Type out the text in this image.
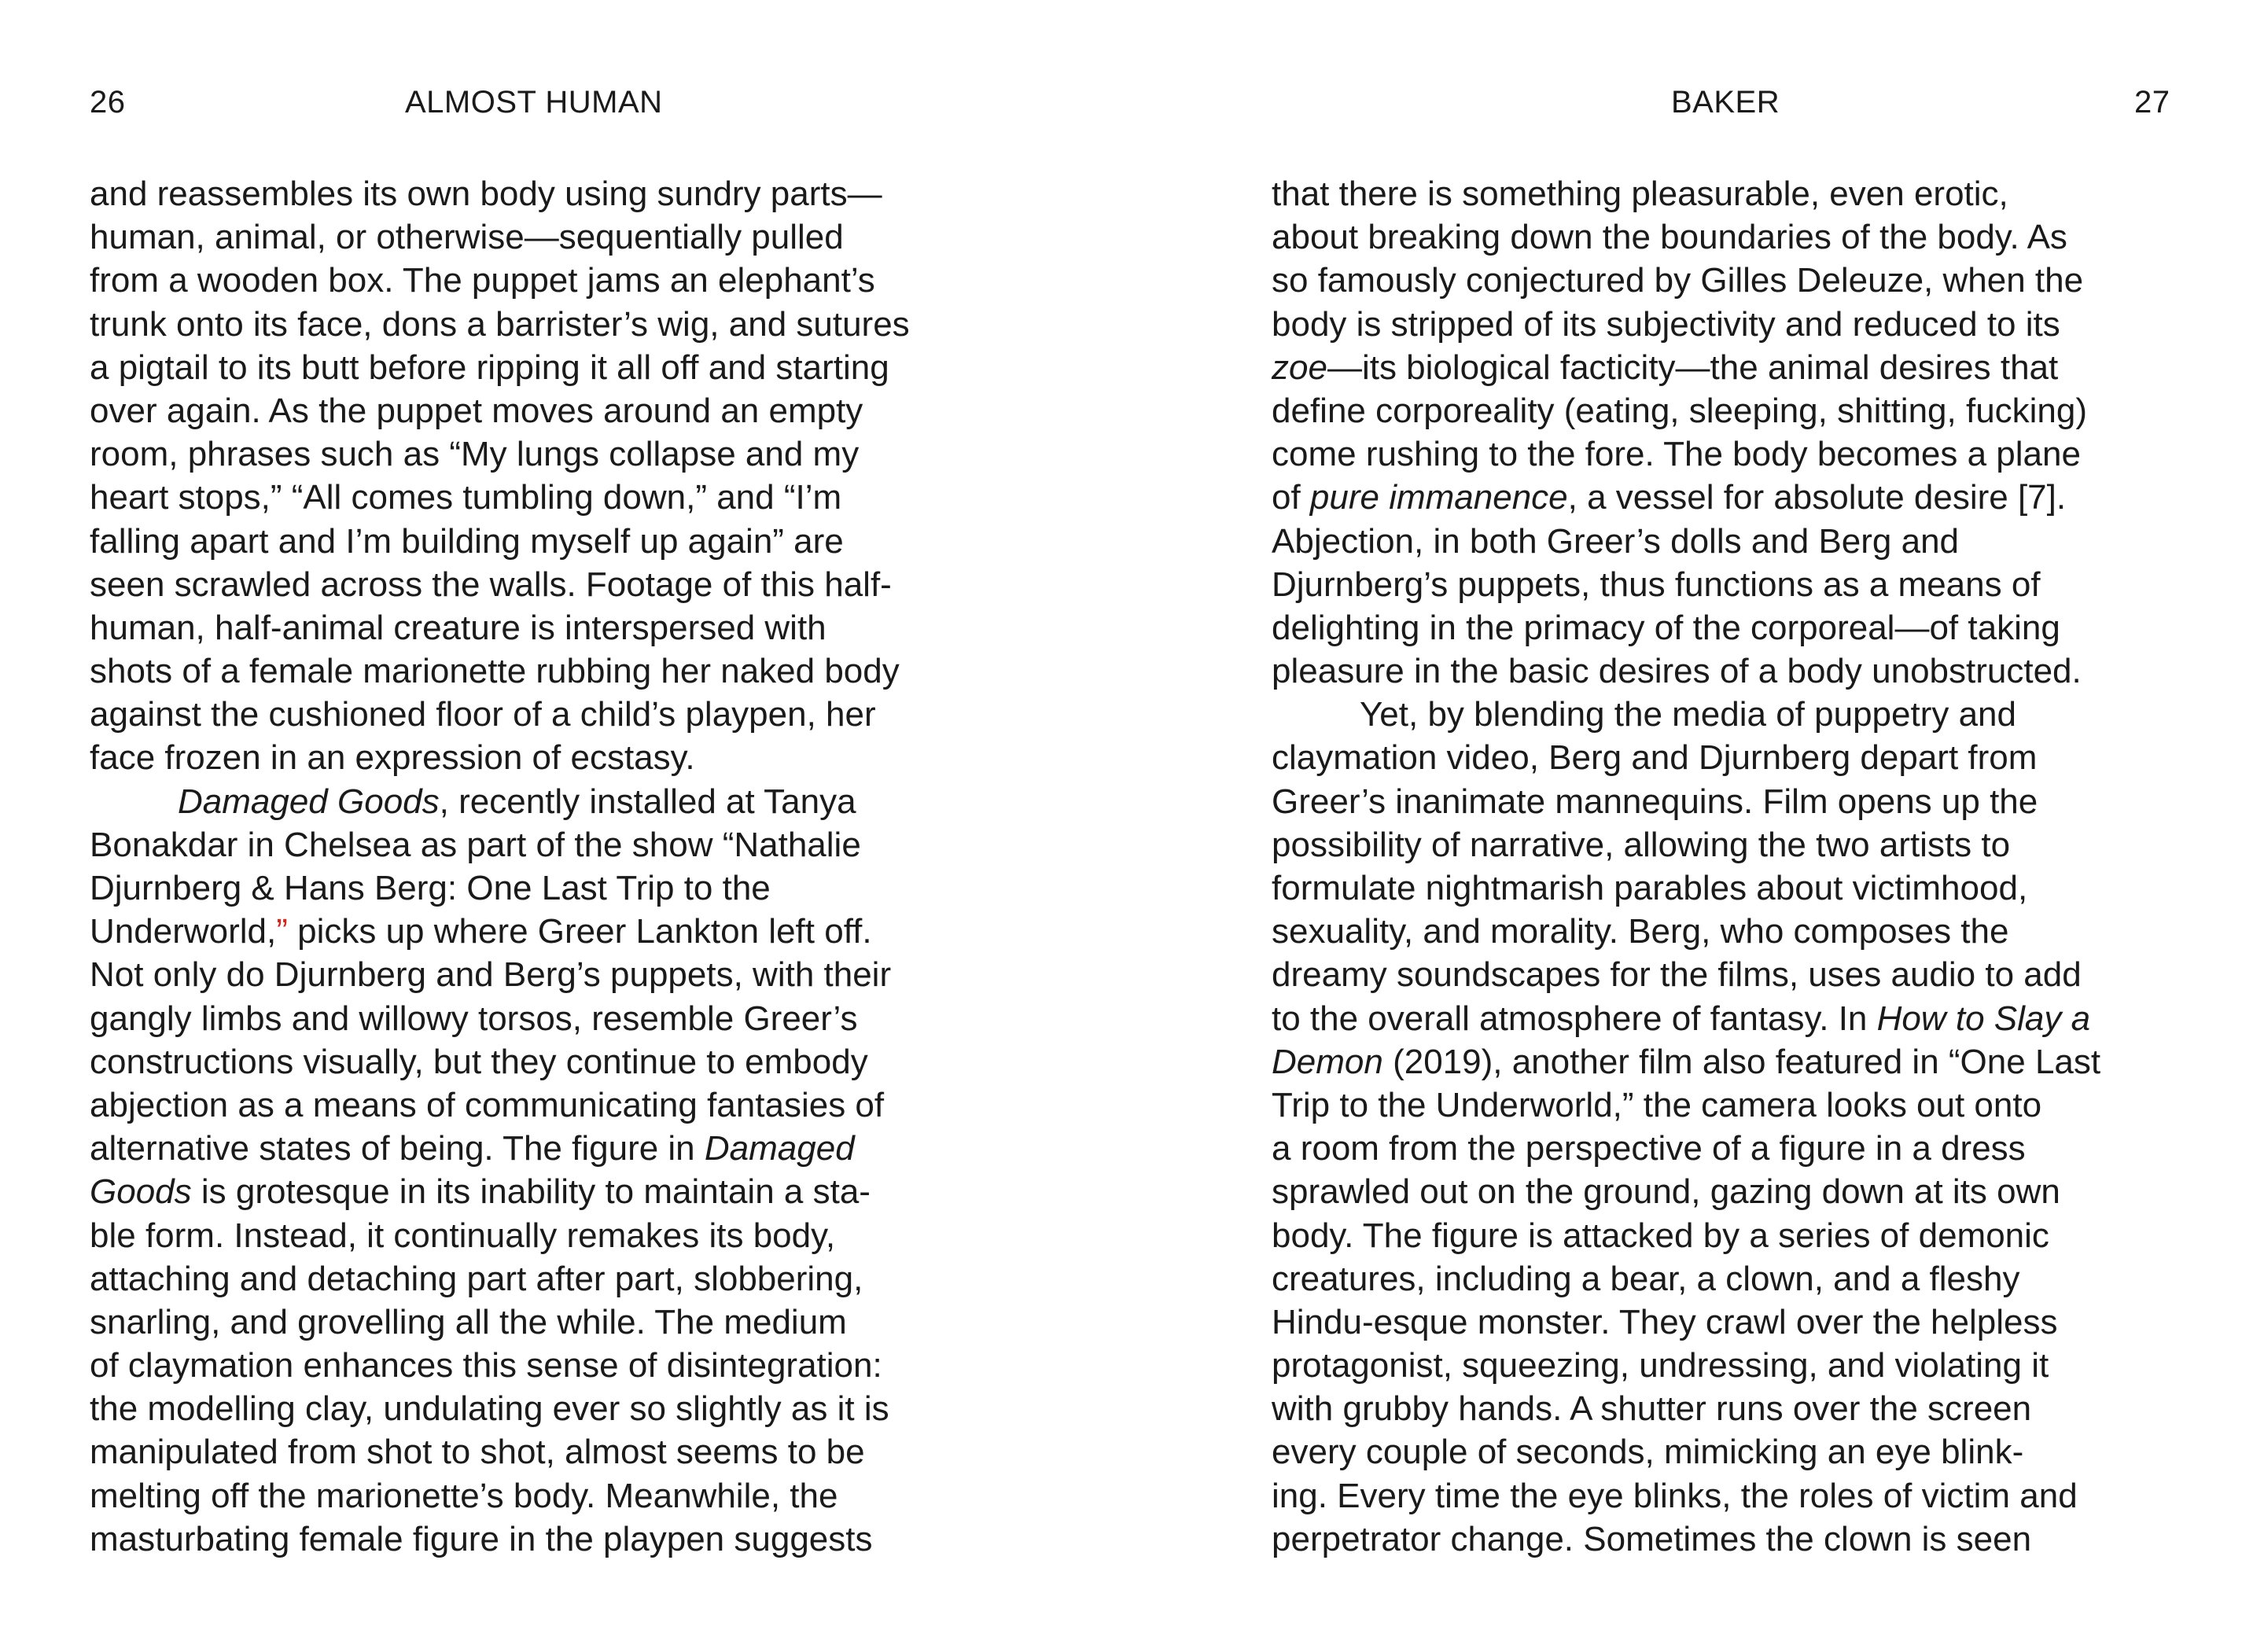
26	ALMOST HUMAN
and reassembles its own body using sundry parts—
human, animal, or otherwise—sequentially pulled
from a wooden box. The puppet jams an elephant’s
trunk onto its face, dons a barrister’s wig, and sutures
a pigtail to its butt before ripping it all off and starting
over again. As the puppet moves around an empty
room, phrases such as “My lungs collapse and my
heart stops,” “All comes tumbling down,” and “I’m
falling apart and I’m building myself up again” are
seen scrawled across the walls. Footage of this half-
human, half-animal creature is interspersed with
shots of a female marionette rubbing her naked body
against the cushioned floor of a child’s playpen, her
face frozen in an expression of ecstasy.
Damaged Goods, recently installed at Tanya
Bonakdar in Chelsea as part of the show “Nathalie
Djurnberg & Hans Berg: One Last Trip to the
Underworld,” picks up where Greer Lankton left off.
Not only do Djurnberg and Berg’s puppets, with their
gangly limbs and willowy torsos, resemble Greer’s
constructions visually, but they continue to embody
abjection as a means of communicating fantasies of
alternative states of being. The figure in Damaged
Goods is grotesque in its inability to maintain a sta-
ble form. Instead, it continually remakes its body,
attaching and detaching part after part, slobbering,
snarling, and grovelling all the while. The medium
of claymation enhances this sense of disintegration:
the modelling clay, undulating ever so slightly as it is
manipulated from shot to shot, almost seems to be
melting off the marionette’s body. Meanwhile, the
masturbating female figure in the playpen suggests
BAKER	27
that there is something pleasurable, even erotic,
about breaking down the boundaries of the body. As
so famously conjectured by Gilles Deleuze, when the
body is stripped of its subjectivity and reduced to its
zoe—its biological facticity—the animal desires that
define corporeality (eating, sleeping, shitting, fucking)
come rushing to the fore. The body becomes a plane
of pure immanence, a vessel for absolute desire [7].
Abjection, in both Greer’s dolls and Berg and
Djurnberg’s puppets, thus functions as a means of
delighting in the primacy of the corporeal—of taking
pleasure in the basic desires of a body unobstructed.
Yet, by blending the media of puppetry and
claymation video, Berg and Djurnberg depart from
Greer’s inanimate mannequins. Film opens up the
possibility of narrative, allowing the two artists to
formulate nightmarish parables about victimhood,
sexuality, and morality. Berg, who composes the
dreamy soundscapes for the films, uses audio to add
to the overall atmosphere of fantasy. In How to Slay a
Demon (2019), another film also featured in “One Last
Trip to the Underworld,” the camera looks out onto
a room from the perspective of a figure in a dress
sprawled out on the ground, gazing down at its own
body. The figure is attacked by a series of demonic
creatures, including a bear, a clown, and a fleshy
Hindu-esque monster. They crawl over the helpless
protagonist, squeezing, undressing, and violating it
with grubby hands. A shutter runs over the screen
every couple of seconds, mimicking an eye blink-
ing. Every time the eye blinks, the roles of victim and
perpetrator change. Sometimes the clown is seen
